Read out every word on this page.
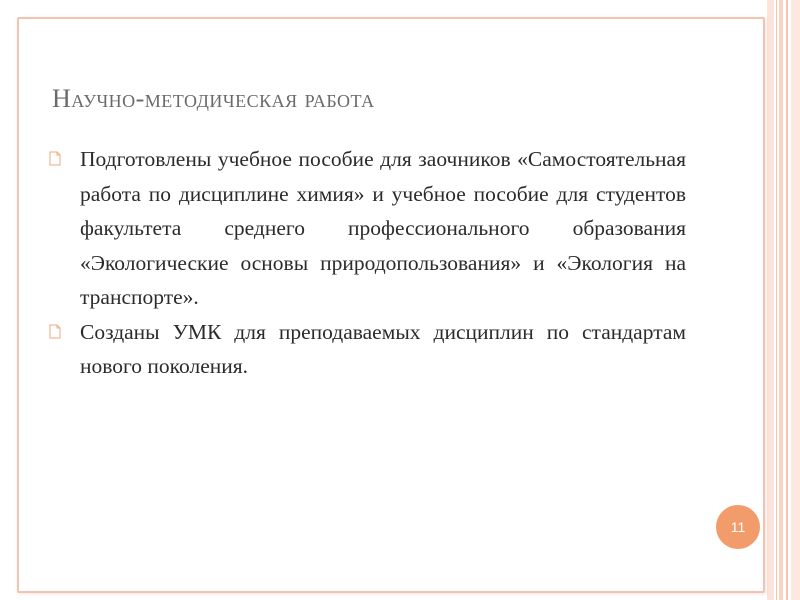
Научно-методическая работа
Подготовлены учебное пособие для заочников «Самостоятельная работа по дисциплине химия» и учебное пособие для студентов факультета среднего профессионального образования «Экологические основы природопользования» и «Экология на транспорте».
Созданы УМК для преподаваемых дисциплин по стандартам нового поколения.
11
